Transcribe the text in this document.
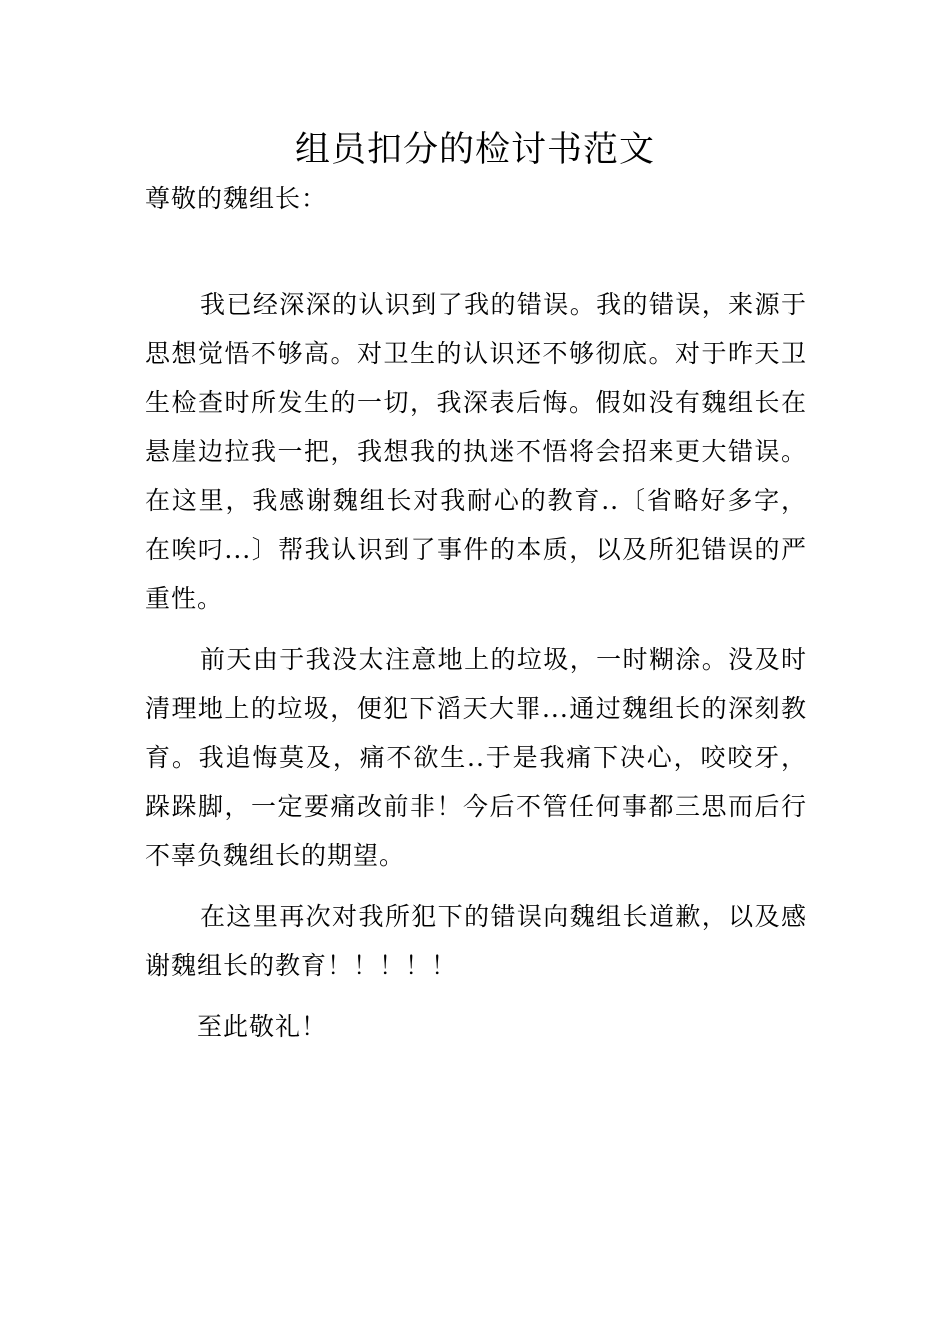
组员扣分的检讨书范文

尊敬的魏组长：

我已经深深的认识到了我的错误。我的错误，来源于思想觉悟不够高。对卫生的认识还不够彻底。对于昨天卫生检查时所发生的一切，我深表后悔。假如没有魏组长在悬崖边拉我一把，我想我的执迷不悟将会招来更大错误。在这里，我感谢魏组长对我耐心的教育..〔省略好多字，在唉叼...〕帮我认识到了事件的本质，以及所犯错误的严重性。

前天由于我没太注意地上的垃圾，一时糊涂。没及时清理地上的垃圾，便犯下滔天大罪...通过魏组长的深刻教育。我追悔莫及，痛不欲生..于是我痛下决心，咬咬牙，跺跺脚，一定要痛改前非！今后不管任何事都三思而后行不辜负魏组长的期望。

在这里再次对我所犯下的错误向魏组长道歉，以及感谢魏组长的教育！！！！！

至此敬礼！
